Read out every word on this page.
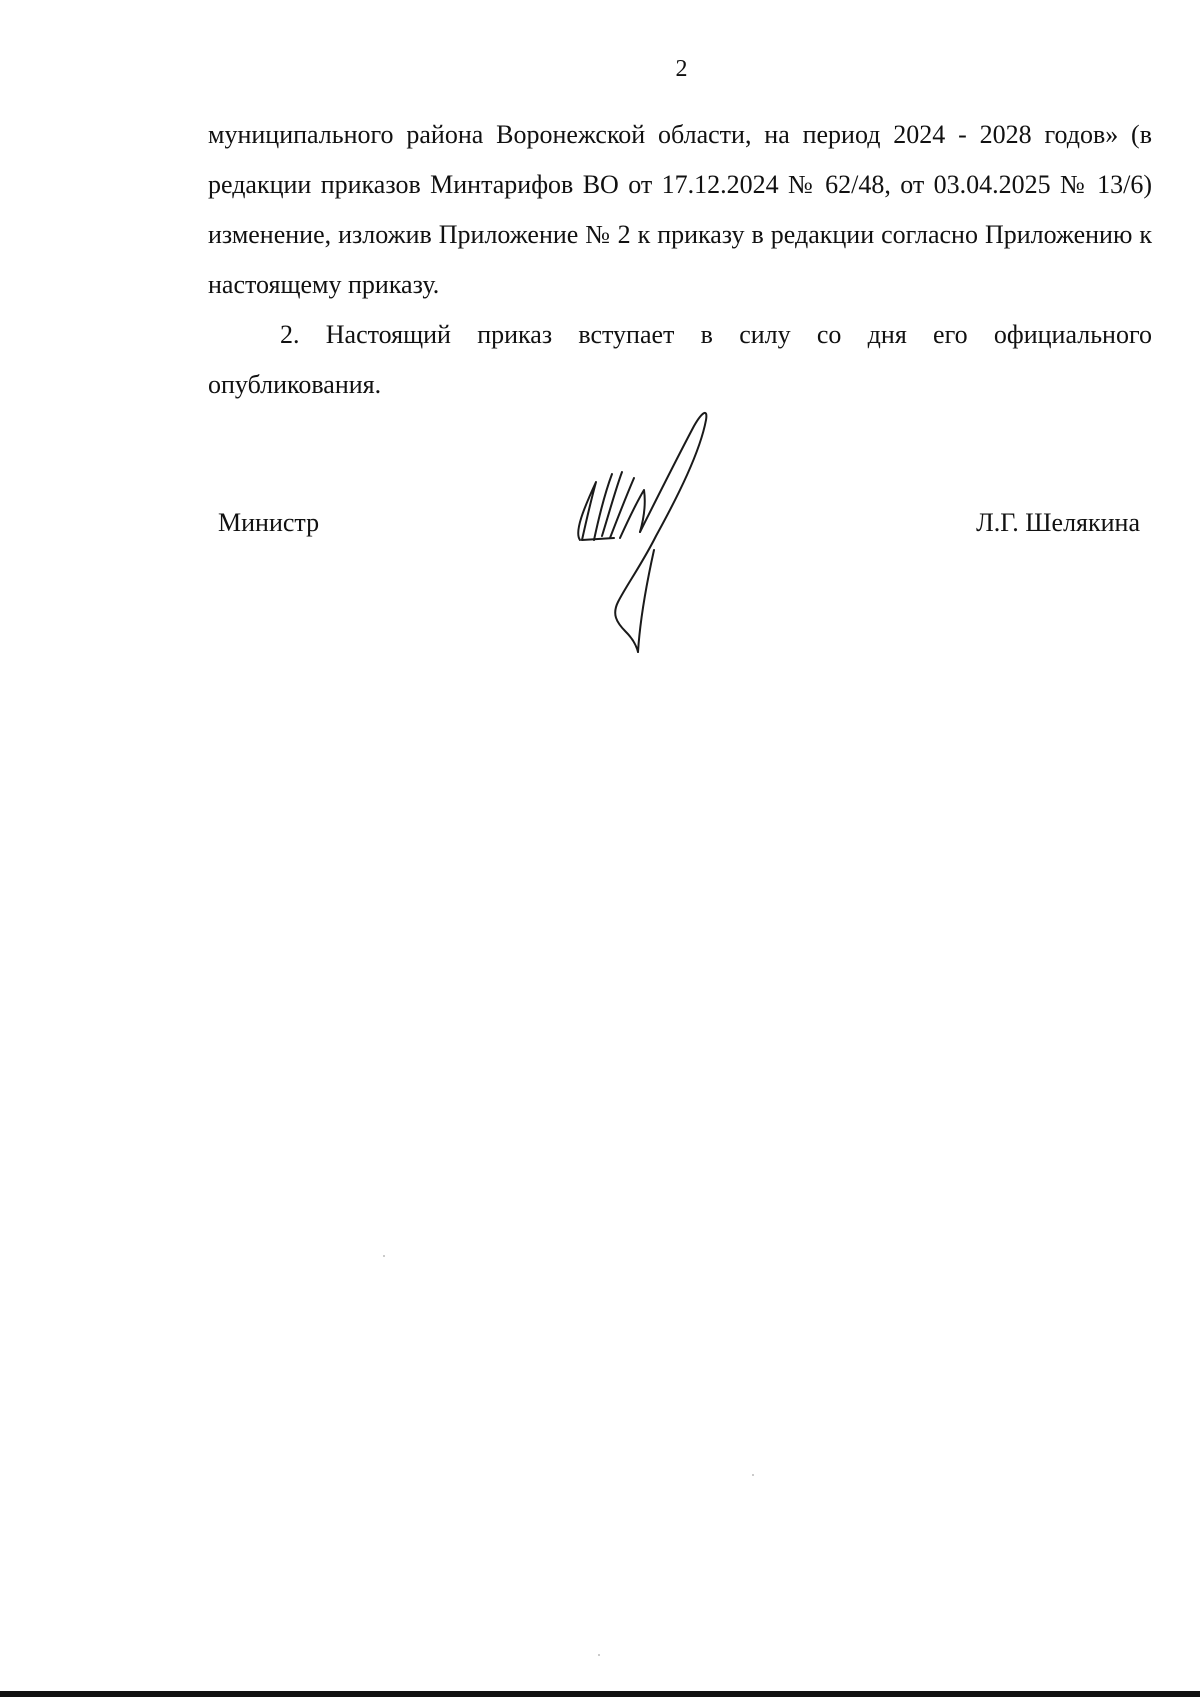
2

муниципального района Воронежской области, на период 2024 - 2028 годов» (в редакции приказов Минтарифов ВО от 17.12.2024 № 62/48, от 03.04.2025 № 13/6) изменение, изложив Приложение № 2 к приказу в редакции согласно Приложению к настоящему приказу.

2. Настоящий приказ вступает в силу со дня его официального опубликования.

Министр	Л.Г. Шелякина
